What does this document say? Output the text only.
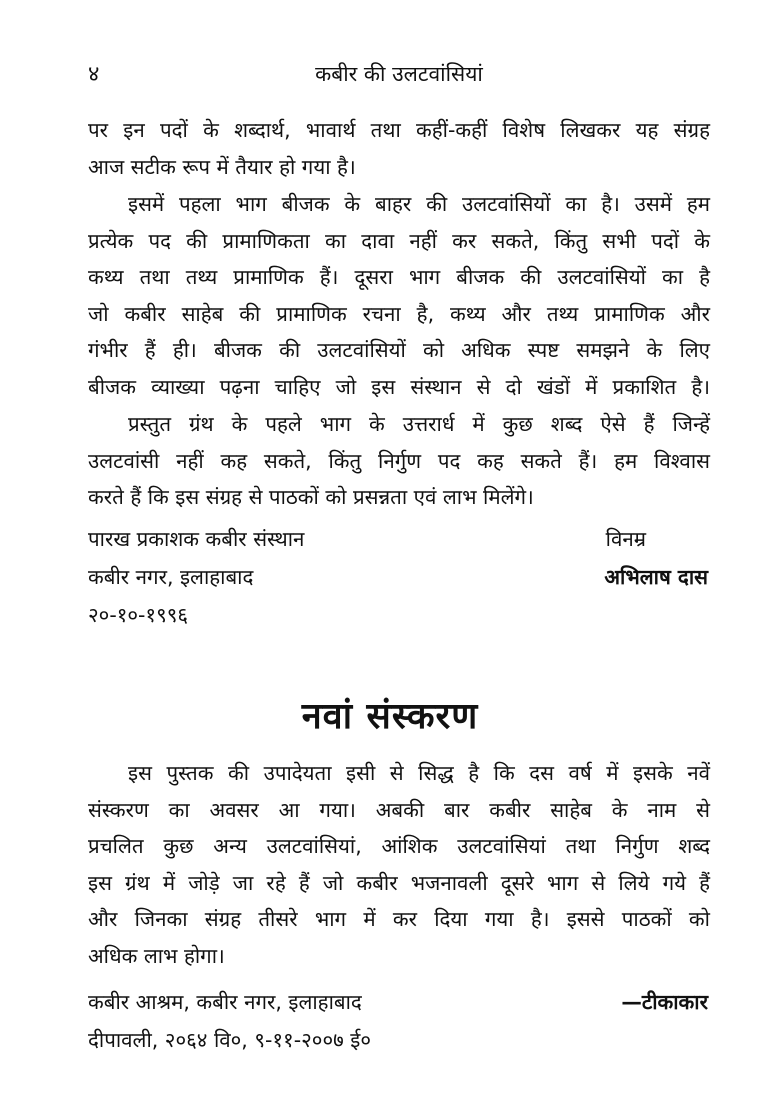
४	कबीर की उलटवांसियां
पर इन पदों के शब्दार्थ, भावार्थ तथा कहीं-कहीं विशेष लिखकर यह संग्रह
आज सटीक रूप में तैयार हो गया है।
इसमें पहला भाग बीजक के बाहर की उलटवांसियों का है। उसमें हम
प्रत्येक पद की प्रामाणिकता का दावा नहीं कर सकते, किंतु सभी पदों के
कथ्य तथा तथ्य प्रामाणिक हैं। दूसरा भाग बीजक की उलटवांसियों का है
जो कबीर साहेब की प्रामाणिक रचना है, कथ्य और तथ्य प्रामाणिक और
गंभीर हैं ही। बीजक की उलटवांसियों को अधिक स्पष्ट समझने के लिए
बीजक व्याख्या पढ़ना चाहिए जो इस संस्थान से दो खंडों में प्रकाशित है।
प्रस्तुत ग्रंथ के पहले भाग के उत्तरार्ध में कुछ शब्द ऐसे हैं जिन्हें
उलटवांसी नहीं कह सकते, किंतु निर्गुण पद कह सकते हैं। हम विश्वास
करते हैं कि इस संग्रह से पाठकों को प्रसन्नता एवं लाभ मिलेंगे।
पारख प्रकाशक कबीर संस्थान
कबीर नगर, इलाहाबाद
२०-१०-१९९६
विनम्र
अभिलाष दास
नवां संस्करण
इस पुस्तक की उपादेयता इसी से सिद्ध है कि दस वर्ष में इसके नवें
संस्करण का अवसर आ गया। अबकी बार कबीर साहेब के नाम से
प्रचलित कुछ अन्य उलटवांसियां, आंशिक उलटवांसियां तथा निर्गुण शब्द
इस ग्रंथ में जोड़े जा रहे हैं जो कबीर भजनावली दूसरे भाग से लिये गये हैं
और जिनका संग्रह तीसरे भाग में कर दिया गया है। इससे पाठकों को
अधिक लाभ होगा।
कबीर आश्रम, कबीर नगर, इलाहाबाद
दीपावली, २०६४ वि०, ९-११-२००७ ई०
—टीकाकार
